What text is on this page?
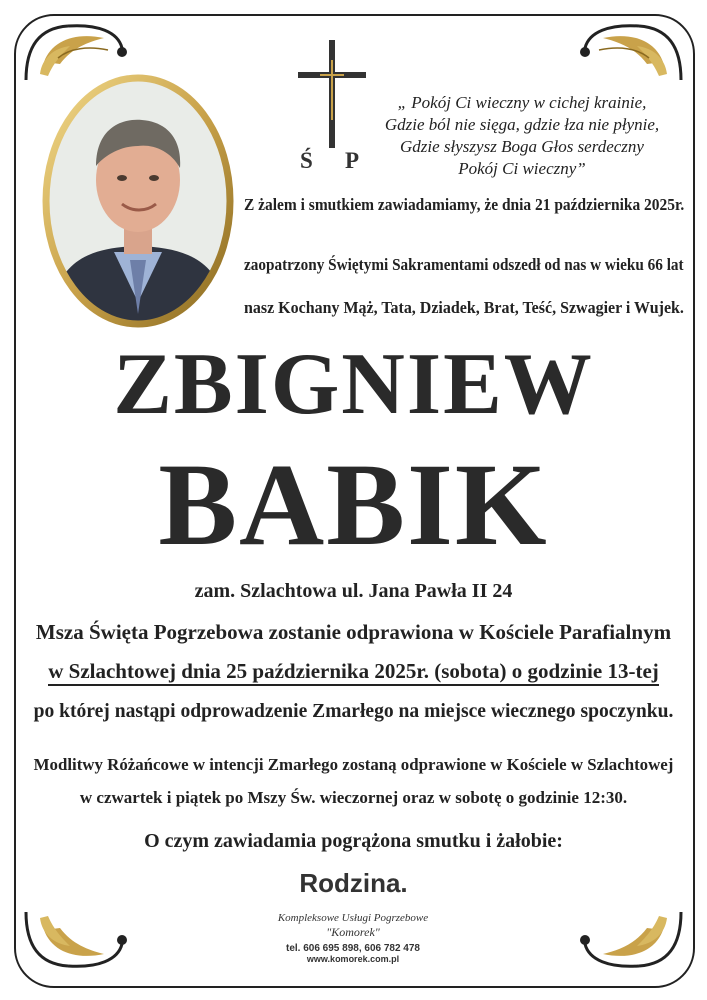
Ś P
„ Pokój Ci wieczny w cichej krainie,
Gdzie ból nie sięga, gdzie łza nie płynie,
Gdzie słyszysz Boga Głos serdeczny
Pokój Ci wieczny”
Z żalem i smutkiem zawiadamiamy, że dnia 21 października 2025r.
zaopatrzony Świętymi Sakramentami odszedł od nas w wieku 66 lat
nasz Kochany Mąż, Tata, Dziadek, Brat, Teść, Szwagier i Wujek.
ZBIGNIEW
BABIK
zam. Szlachtowa ul. Jana Pawła II 24
Msza Święta Pogrzebowa zostanie odprawiona w Kościele Parafialnym
w Szlachtowej dnia 25 października 2025r. (sobota) o godzinie 13-tej
po której nastąpi odprowadzenie Zmarłego na miejsce wiecznego spoczynku.
Modlitwy Różańcowe w intencji Zmarłego zostaną odprawione w Kościele w Szlachtowej
w czwartek i piątek po Mszy Św. wieczornej oraz w sobotę o godzinie 12:30.
O czym zawiadamia pogrążona smutku i żałobie:
Rodzina.
Kompleksowe Usługi Pogrzebowe
"Komorek"
tel. 606 695 898, 606 782 478
www.komorek.com.pl
